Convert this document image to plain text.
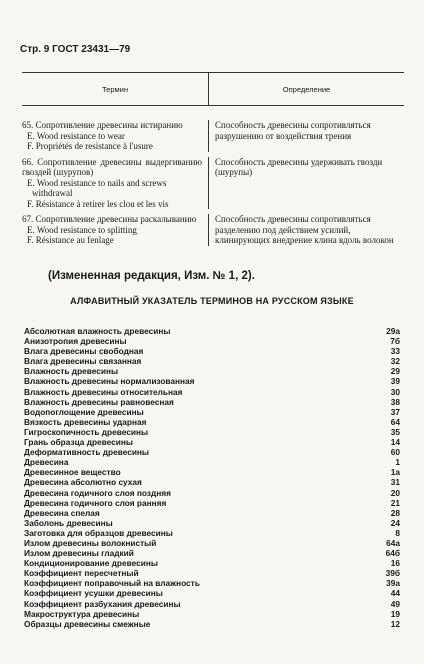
Стр. 9 ГОСТ 23431—79
Термин	Определение
65. Сопротивление древесины истиранию
E. Wood resistance to wear
F. Propriétés de resistance à l'usure
Способность древесины сопротивляться разрушению от воздействия трения
66. Сопротивление древесины выдергиванию гвоздей (шурупов)
E. Wood resistance to nails and screws withdrawal
F. Résistance à retirer les clou et les vis
Способность древесины удерживать гвозди (шурупы)
67. Сопротивление древесины раскалыванию
E. Wood resistance to splitting
F. Résistance au fenlage
Способность древесины сопротивляться разделению под действием усилий, клинирующих внедрение клина вдоль волокон
(Измененная редакция, Изм. № 1, 2).
АЛФАВИТНЫЙ УКАЗАТЕЛЬ ТЕРМИНОВ НА РУССКОМ ЯЗЫКЕ
Абсолютная влажность древесины	29а
Анизотропия древесины	7б
Влага древесины свободная	33
Влага древесины связанная	32
Влажность древесины	29
Влажность древесины нормализованная	39
Влажность древесины относительная	30
Влажность древесины равновесная	38
Водопоглощение древесины	37
Вязкость древесины ударная	64
Гигроскопичность древесины	35
Грань образца древесины	14
Деформативность древесины	60
Древесина	1
Древесинное вещество	1а
Древесина абсолютно сухая	31
Древесина годичного слоя поздняя	20
Древесина годичного слоя ранняя	21
Древесина спелая	28
Заболонь древесины	24
Заготовка для образцов древесины	8
Излом древесины волокнистый	64а
Излом древесины гладкий	64б
Кондиционирование древесины	16
Коэффициент пересчетный	39б
Коэффициент поправочный на влажность	39а
Коэффициент усушки древесины	44
Коэффициент разбухания древесины	49
Макроструктура древесины	19
Образцы древесины смежные	12
